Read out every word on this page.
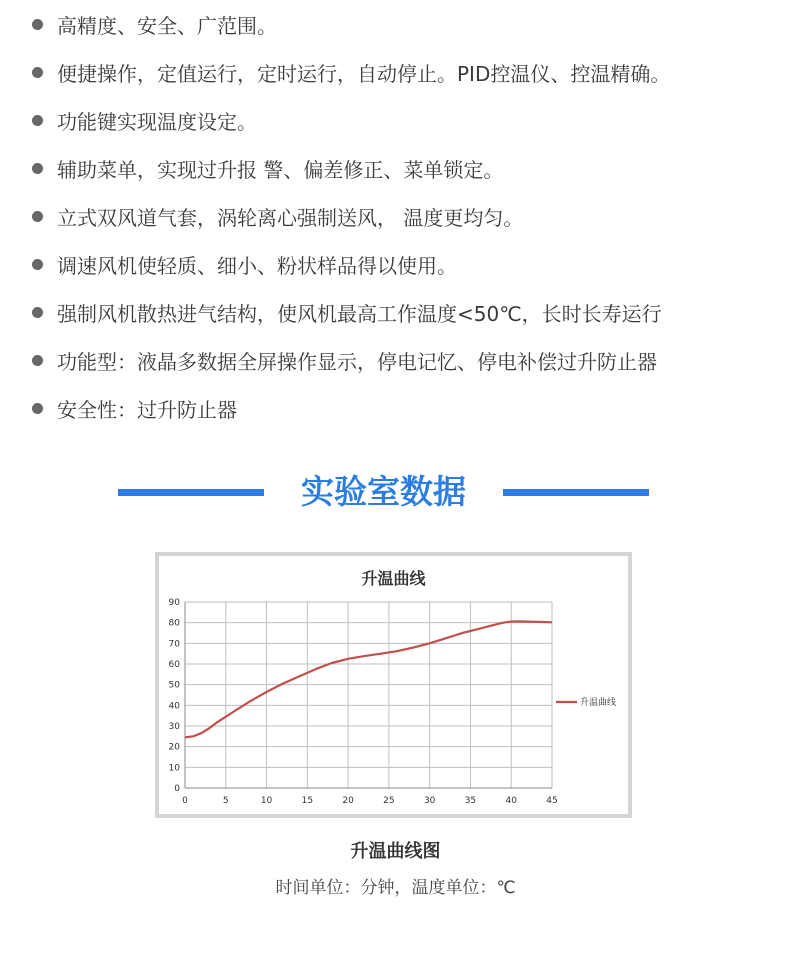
高精度、安全、广范围。
便捷操作，定值运行，定时运行，自动停止。PID控温仪、控温精确。
功能键实现温度设定。
辅助菜单，实现过升报 警、偏差修正、菜单锁定。
立式双风道气套，涡轮离心强制送风， 温度更均匀。
调速风机使轻质、细小、粉状样品得以使用。
强制风机散热进气结构，使风机最高工作温度<50℃，长时长寿运行
功能型：液晶多数据全屏操作显示，停电记忆、停电补偿过升防止器
安全性：过升防止器
实验室数据
升温曲线
0	5	10	15	20	25	30	35	40	45
0
10
20
30
40
50
60
70
80
90
升温曲线
升温曲线图
时间单位：分钟，温度单位：℃
